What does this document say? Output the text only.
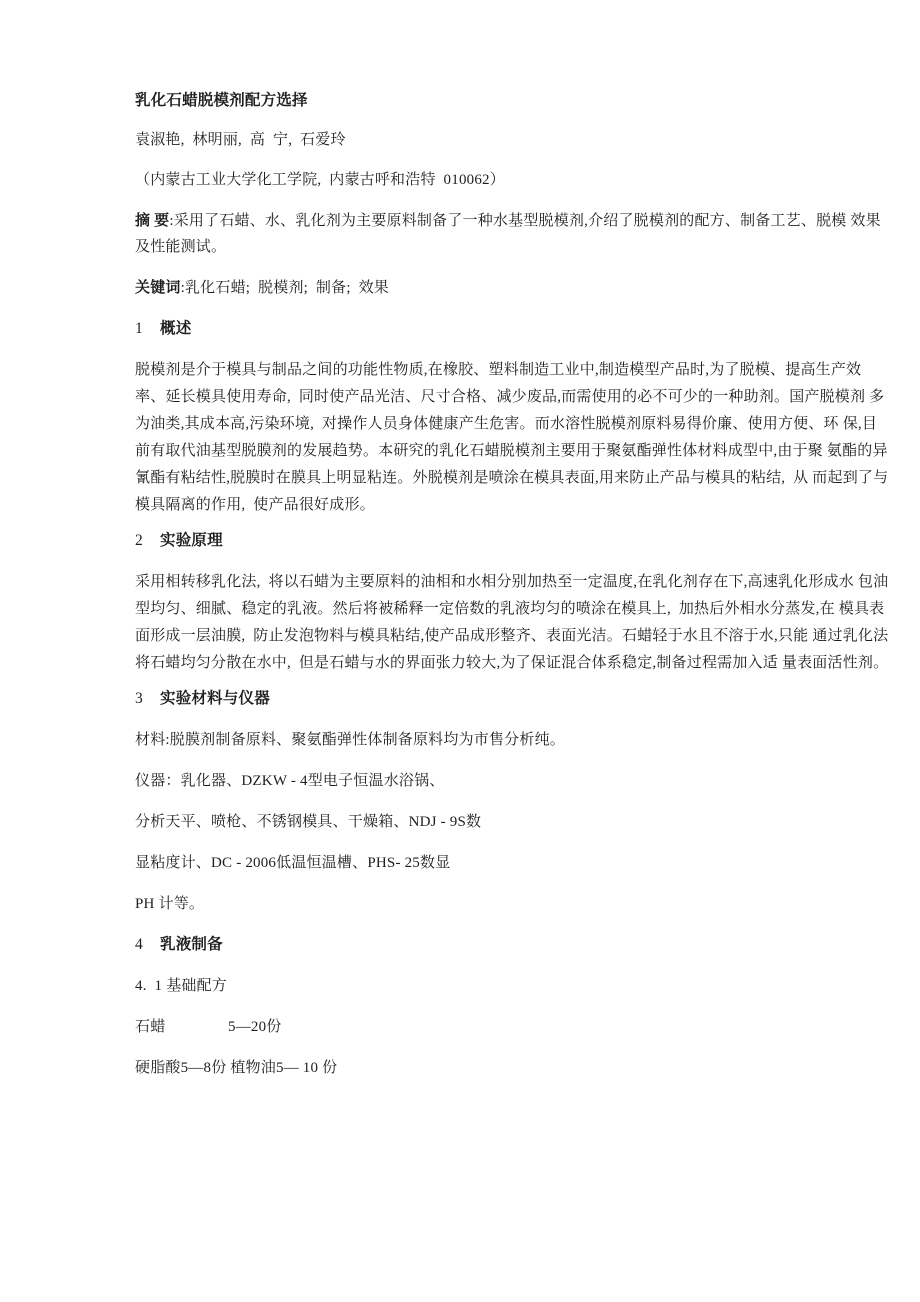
乳化石蜡脱模剂配方选择

袁淑艳,  林明丽,  高  宁,  石爱玲

（内蒙古工业大学化工学院,  内蒙古呼和浩特  010062）

摘 要:采用了石蜡、水、乳化剂为主要原料制备了一种水基型脱模剂,介绍了脱模剂的配方、制备工艺、脱模 效果及性能测试。

关键词:乳化石蜡;  脱模剂;  制备;  效果

1 概述

脱模剂是介于模具与制品之间的功能性物质,在橡胶、塑料制造工业中,制造模型产品时,为了脱模、提高生产效 率、延长模具使用寿命,  同时使产品光洁、尺寸合格、减少废品,而需使用的必不可少的一种助剂。国产脱模剂 多为油类,其成本高,污染环境,  对操作人员身体健康产生危害。而水溶性脱模剂原料易得价廉、使用方便、环 保,目前有取代油基型脱膜剂的发展趋势。本研究的乳化石蜡脱模剂主要用于聚氨酯弹性体材料成型中,由于聚 氨酯的异氰酯有粘结性,脱膜时在膜具上明显粘连。外脱模剂是喷涂在模具表面,用来防止产品与模具的粘结,  从 而起到了与模具隔离的作用,  使产品很好成形。

2 实验原理

采用相转移乳化法,  将以石蜡为主要原料的油相和水相分别加热至一定温度,在乳化剂存在下,高速乳化形成水 包油型均匀、细腻、稳定的乳液。然后将被稀释一定倍数的乳液均匀的喷涂在模具上,  加热后外相水分蒸发,在 模具表面形成一层油膜,  防止发泡物料与模具粘结,使产品成形整齐、表面光洁。石蜡轻于水且不溶于水,只能 通过乳化法将石蜡均匀分散在水中,  但是石蜡与水的界面张力较大,为了保证混合体系稳定,制备过程需加入适 量表面活性剂。

3 实验材料与仪器

材料:脱膜剂制备原料、聚氨酯弹性体制备原料均为市售分析纯。

仪器：乳化器、DZKW - 4型电子恒温水浴锅、

分析天平、喷枪、不锈钢模具、干燥箱、NDJ - 9S数

显粘度计、DC - 2006低温恒温槽、PHS- 25数显

PH 计等。

4 乳液制备

4.  1 基础配方

石蜡	5—20份

硬脂酸5—8份 植物油5— 10 份
